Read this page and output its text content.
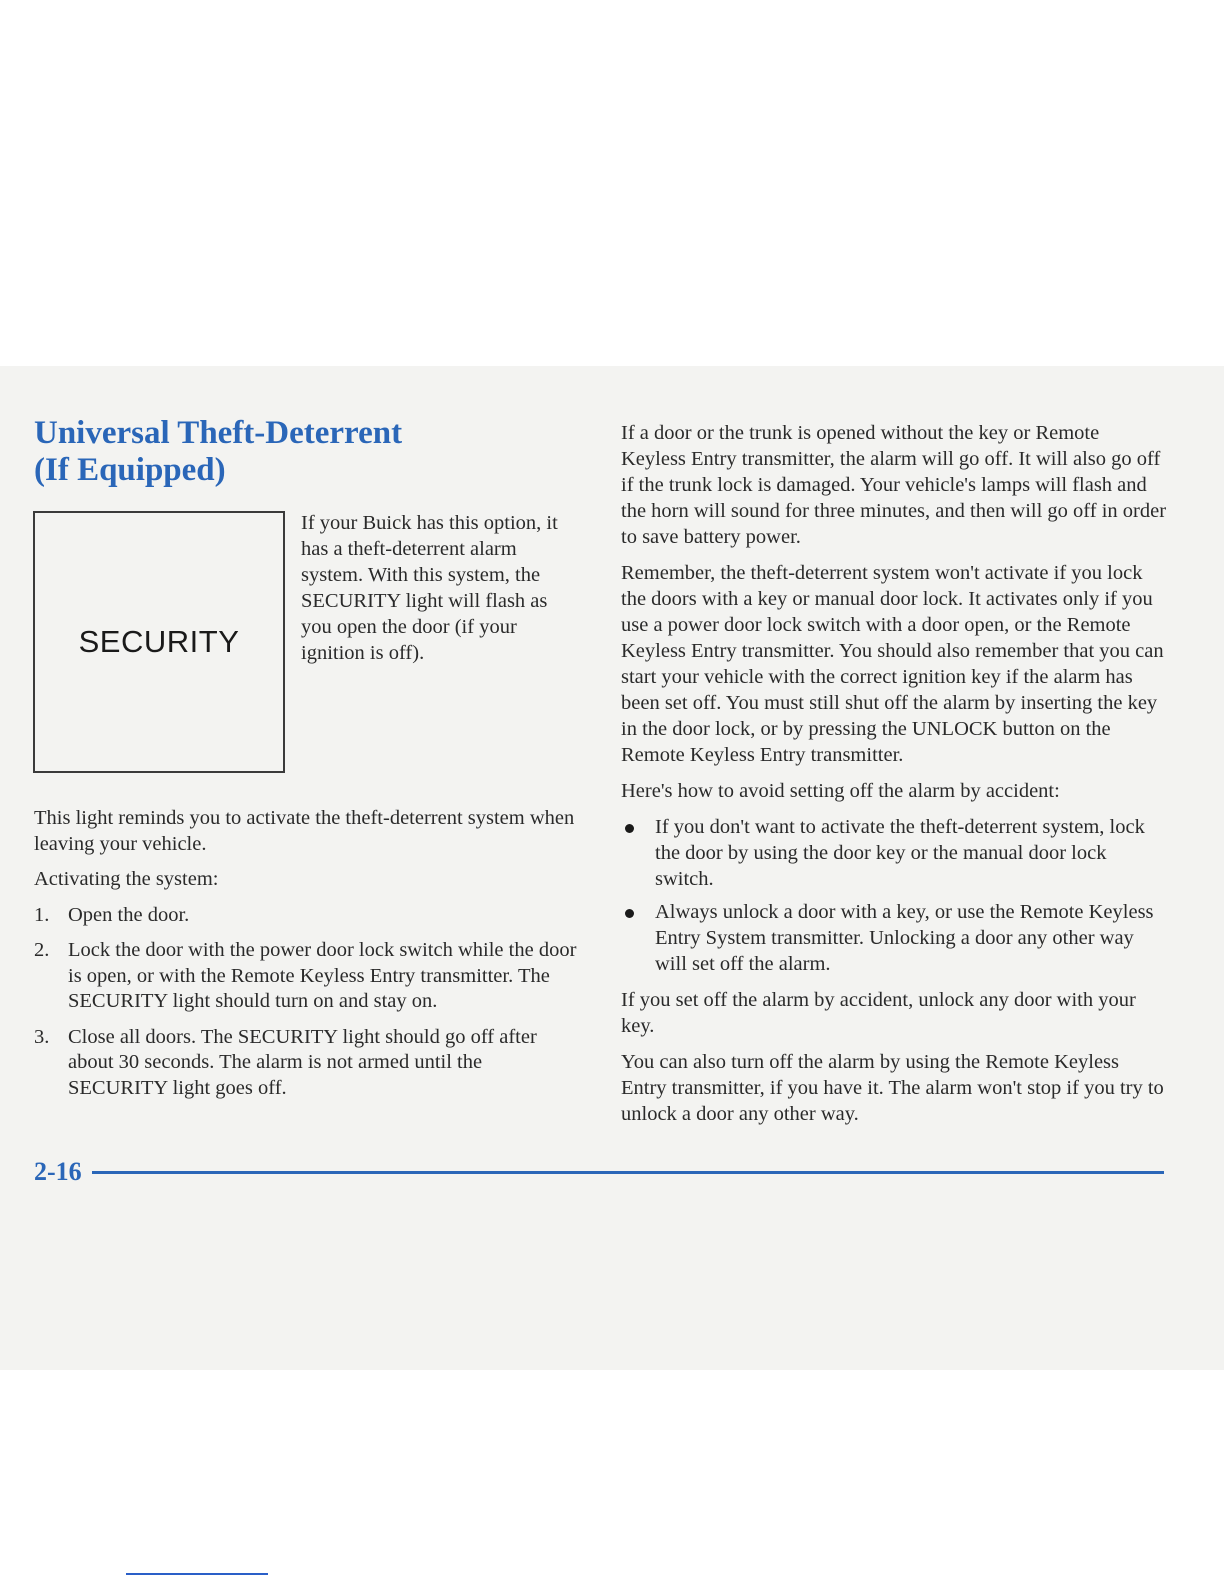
Universal Theft-Deterrent
(If Equipped)
SECURITY

If your Buick has this option, it has a theft-deterrent alarm system. With this system, the SECURITY light will flash as you open the door (if your ignition is off).

This light reminds you to activate the theft-deterrent system when leaving your vehicle.

Activating the system:

1. Open the door.
2. Lock the door with the power door lock switch while the door is open, or with the Remote Keyless Entry transmitter. The SECURITY light should turn on and stay on.
3. Close all doors. The SECURITY light should go off after about 30 seconds. The alarm is not armed until the SECURITY light goes off.

If a door or the trunk is opened without the key or Remote Keyless Entry transmitter, the alarm will go off. It will also go off if the trunk lock is damaged. Your vehicle's lamps will flash and the horn will sound for three minutes, and then will go off in order to save battery power.

Remember, the theft-deterrent system won't activate if you lock the doors with a key or manual door lock. It activates only if you use a power door lock switch with a door open, or the Remote Keyless Entry transmitter. You should also remember that you can start your vehicle with the correct ignition key if the alarm has been set off. You must still shut off the alarm by inserting the key in the door lock, or by pressing the UNLOCK button on the Remote Keyless Entry transmitter.

Here's how to avoid setting off the alarm by accident:

If you don't want to activate the theft-deterrent system, lock the door by using the door key or the manual door lock switch.
Always unlock a door with a key, or use the Remote Keyless Entry System transmitter. Unlocking a door any other way will set off the alarm.

If you set off the alarm by accident, unlock any door with your key.

You can also turn off the alarm by using the Remote Keyless Entry transmitter, if you have it. The alarm won't stop if you try to unlock a door any other way.

2-16
